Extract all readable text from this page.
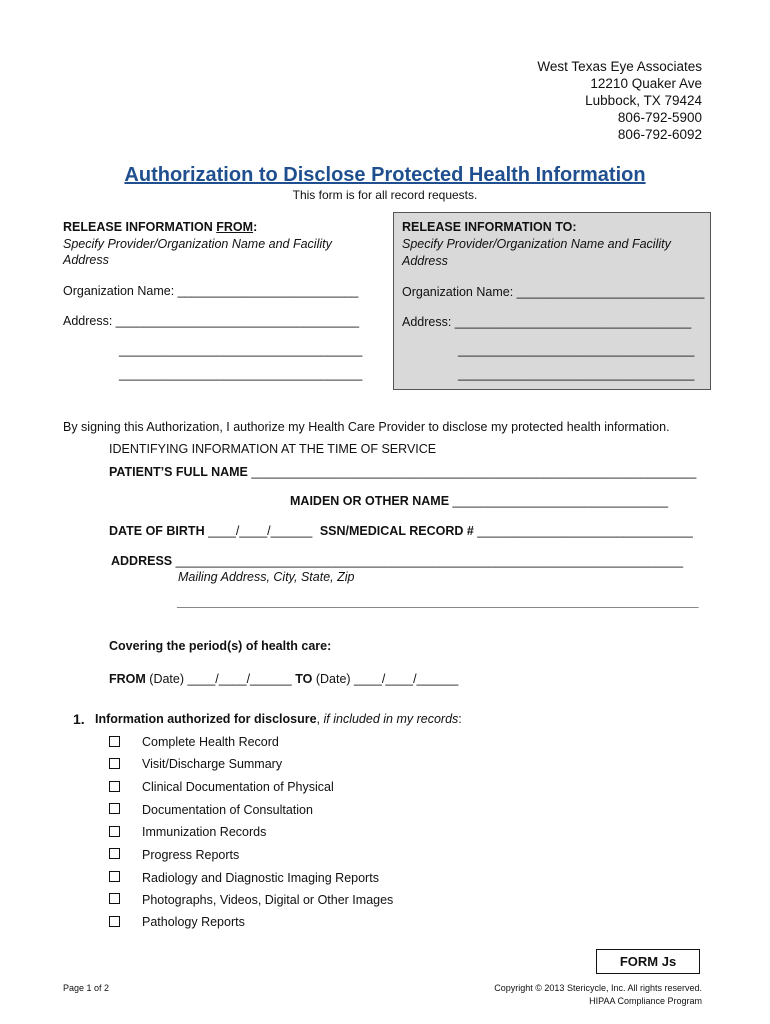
West Texas Eye Associates
12210 Quaker Ave
Lubbock, TX 79424
806-792-5900
806-792-6092
Authorization to Disclose Protected Health Information
This form is for all record requests.
RELEASE INFORMATION FROM:
Specify Provider/Organization Name and Facility
Address
Organization Name: __________________________
Address: ___________________________________
___________________________________
___________________________________
RELEASE INFORMATION TO:
Specify Provider/Organization Name and Facility
Address
Organization Name: ___________________________
Address: __________________________________
__________________________________
__________________________________
By signing this Authorization, I authorize my Health Care Provider to disclose my protected health information.
IDENTIFYING INFORMATION AT THE TIME OF SERVICE
PATIENT’S FULL NAME ________________________________________________________________
MAIDEN OR OTHER NAME _______________________________
DATE OF BIRTH ____/____/______ SSN/MEDICAL RECORD # _______________________________
ADDRESS _________________________________________________________________________
Mailing Address, City, State, Zip
___________________________________________________________________________
Covering the period(s) of health care:
FROM (Date) ____/____/______ TO (Date) ____/____/______
1. Information authorized for disclosure, if included in my records:
Complete Health Record
Visit/Discharge Summary
Clinical Documentation of Physical
Documentation of Consultation
Immunization Records
Progress Reports
Radiology and Diagnostic Imaging Reports
Photographs, Videos, Digital or Other Images
Pathology Reports
FORM Js
Page 1 of 2	Copyright © 2013 Stericycle, Inc. All rights reserved.
HIPAA Compliance Program
